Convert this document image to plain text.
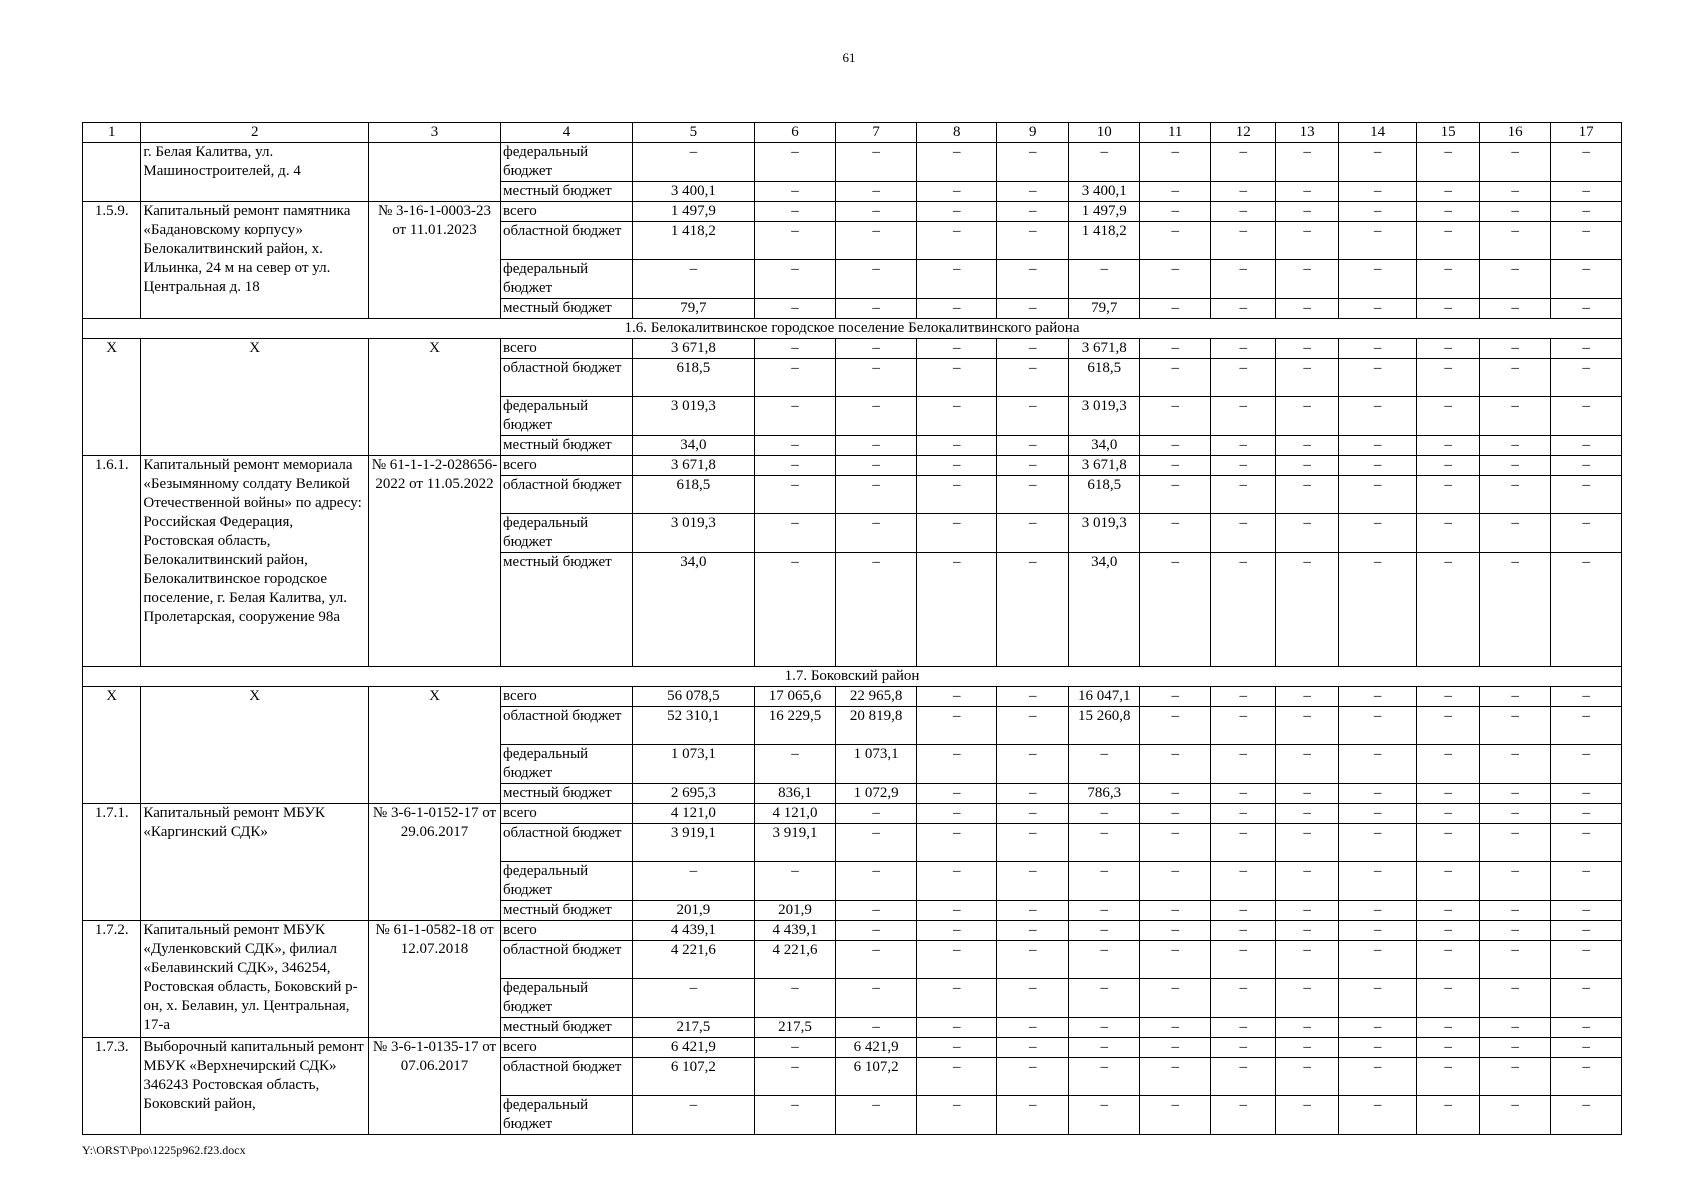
61
1	2	3	4	5	6	7	8	9	10	11	12	13	14	15	16	17
	г. Белая Калитва, ул. Машиностроителей, д. 4		федеральный бюджет	–	–	–	–	–	–	–	–	–	–	–	–	–
			местный бюджет	3 400,1	–	–	–	–	3 400,1	–	–	–	–	–	–	–
1.5.9.	Капитальный ремонт памятника «Бадановскому корпусу» Белокалитвинский район, х. Ильинка, 24 м на север от ул. Центральная д. 18	№ 3-16-1-0003-23 от 11.01.2023	всего	1 497,9	–	–	–	–	1 497,9	–	–	–	–	–	–	–
			областной бюджет	1 418,2	–	–	–	–	1 418,2	–	–	–	–	–	–	–
			федеральный бюджет	–	–	–	–	–	–	–	–	–	–	–	–	–
			местный бюджет	79,7	–	–	–	–	79,7	–	–	–	–	–	–	–
1.6. Белокалитвинское городское поселение Белокалитвинского района																
X	X	X	всего	3 671,8	–	–	–	–	3 671,8	–	–	–	–	–	–	–
			областной бюджет	618,5	–	–	–	–	618,5	–	–	–	–	–	–	–
			федеральный бюджет	3 019,3	–	–	–	–	3 019,3	–	–	–	–	–	–	–
			местный бюджет	34,0	–	–	–	–	34,0	–	–	–	–	–	–	–
1.6.1.	Капитальный ремонт мемориала «Безымянному солдату Великой Отечественной войны» по адресу: Российская Федерация, Ростовская область, Белокалитвинский район, Белокалитвинское городское поселение, г. Белая Калитва, ул. Пролетарская, сооружение 98а	№ 61-1-1-2-028656-2022 от 11.05.2022	всего	3 671,8	–	–	–	–	3 671,8	–	–	–	–	–	–	–
			областной бюджет	618,5	–	–	–	–	618,5	–	–	–	–	–	–	–
			федеральный бюджет	3 019,3	–	–	–	–	3 019,3	–	–	–	–	–	–	–
			местный бюджет	34,0	–	–	–	–	34,0	–	–	–	–	–	–	–
1.7. Боковский район																
X	X	X	всего	56 078,5	17 065,6	22 965,8	–	–	16 047,1	–	–	–	–	–	–	–
			областной бюджет	52 310,1	16 229,5	20 819,8	–	–	15 260,8	–	–	–	–	–	–	–
			федеральный бюджет	1 073,1	–	1 073,1	–	–	–	–	–	–	–	–	–	–
			местный бюджет	2 695,3	836,1	1 072,9	–	–	786,3	–	–	–	–	–	–	–
1.7.1.	Капитальный ремонт МБУК «Каргинский СДК»	№ 3-6-1-0152-17 от 29.06.2017	всего	4 121,0	4 121,0	–	–	–	–	–	–	–	–	–	–	–
			областной бюджет	3 919,1	3 919,1	–	–	–	–	–	–	–	–	–	–	–
			федеральный бюджет	–	–	–	–	–	–	–	–	–	–	–	–	–
			местный бюджет	201,9	201,9	–	–	–	–	–	–	–	–	–	–	–
1.7.2.	Капитальный ремонт МБУК «Дуленковский СДК», филиал «Белавинский СДК», 346254, Ростовская область, Боковский р-он, х. Белавин, ул. Центральная, 17-а	№ 61-1-0582-18 от 12.07.2018	всего	4 439,1	4 439,1	–	–	–	–	–	–	–	–	–	–	–
			областной бюджет	4 221,6	4 221,6	–	–	–	–	–	–	–	–	–	–	–
			федеральный бюджет	–	–	–	–	–	–	–	–	–	–	–	–	–
			местный бюджет	217,5	217,5	–	–	–	–	–	–	–	–	–	–	–
1.7.3.	Выборочный капитальный ремонт МБУК «Верхнечирский СДК» 346243 Ростовская область, Боковский район,	№ 3-6-1-0135-17 от 07.06.2017	всего	6 421,9	–	6 421,9	–	–	–	–	–	–	–	–	–	–
			областной бюджет	6 107,2	–	6 107,2	–	–	–	–	–	–	–	–	–	–
			федеральный бюджет	–	–	–	–	–	–	–	–	–	–	–	–	–
Y:\ORST\Ppo\1225p962.f23.docx
